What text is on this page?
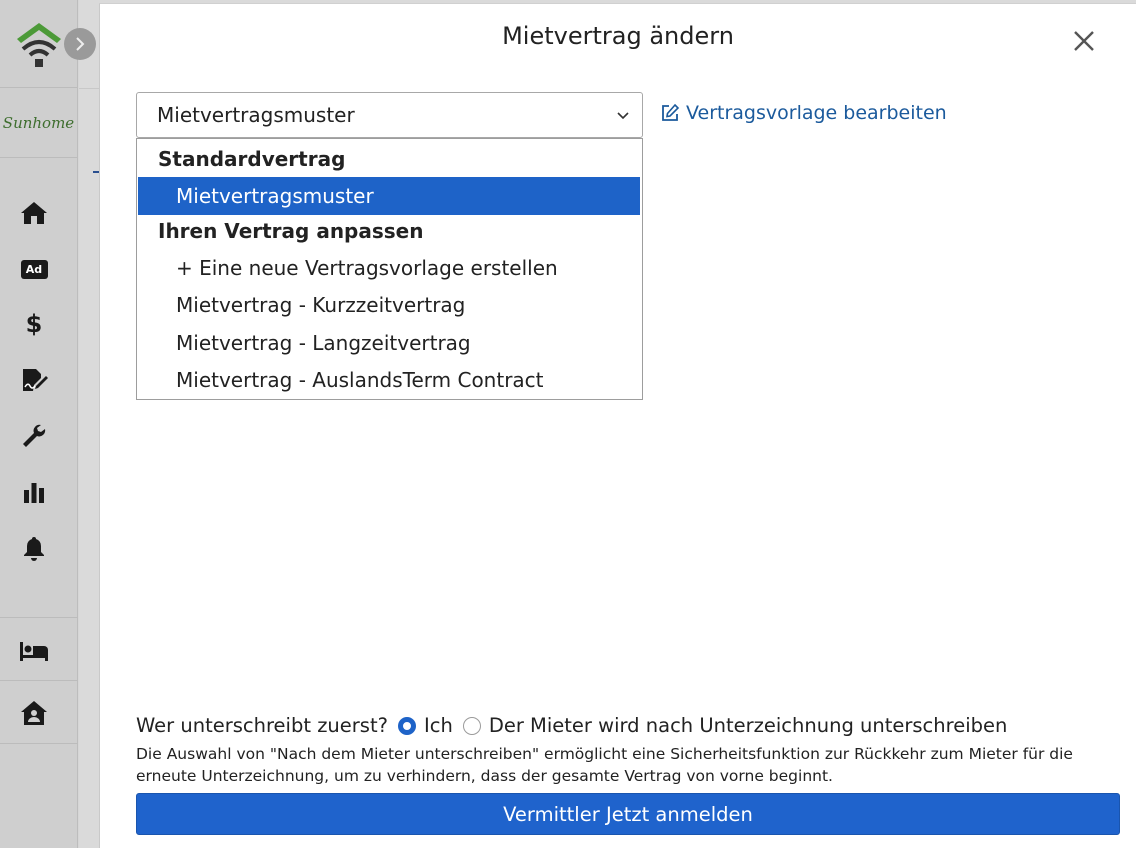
Sunhome
Ad
$
Mietvertrag ändern
Mietvertragsmuster	Vertragsvorlage bearbeiten
Standardvertrag
Mietvertragsmuster
Ihren Vertrag anpassen
+ Eine neue Vertragsvorlage erstellen
Mietvertrag - Kurzzeitvertrag
Mietvertrag - Langzeitvertrag
Mietvertrag - AuslandsTerm Contract
Wer unterschreibt zuerst? Ich Der Mieter wird nach Unterzeichnung unterschreiben
Die Auswahl von "Nach dem Mieter unterschreiben" ermöglicht eine Sicherheitsfunktion zur Rückkehr zum Mieter für die erneute Unterzeichnung, um zu verhindern, dass der gesamte Vertrag von vorne beginnt.
Vermittler Jetzt anmelden
